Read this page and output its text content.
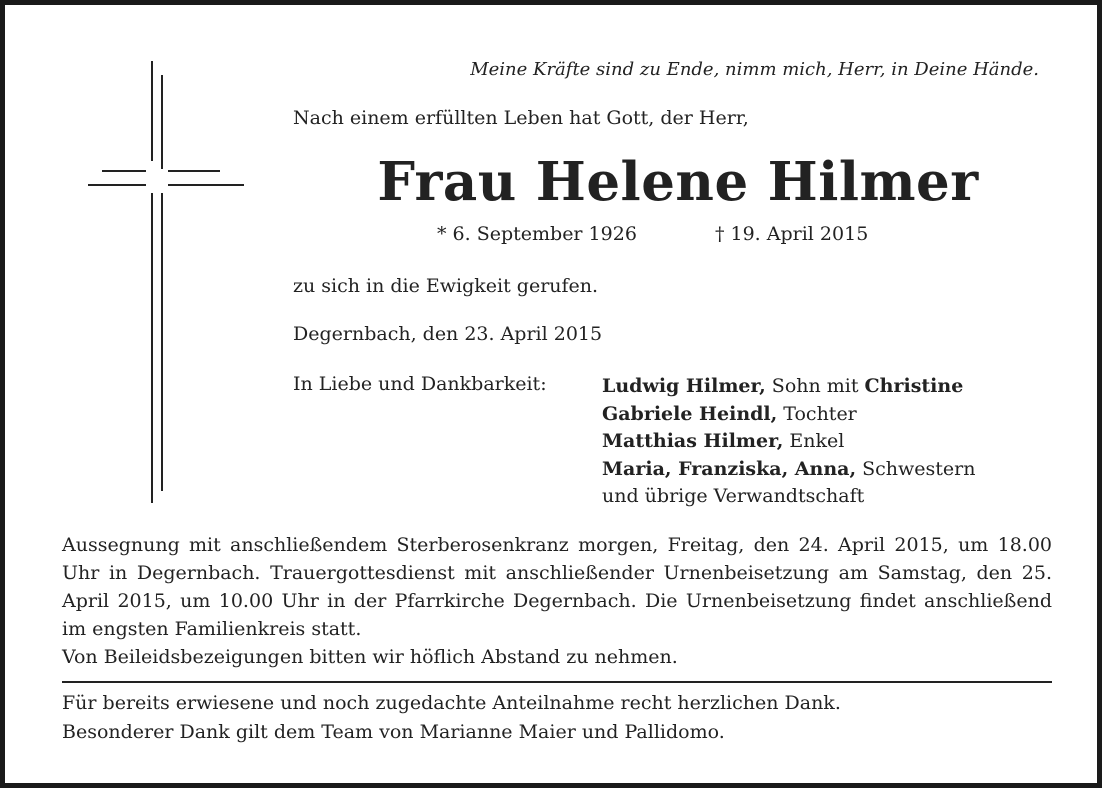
Meine Kräfte sind zu Ende, nimm mich, Herr, in Deine Hände.
Nach einem erfüllten Leben hat Gott, der Herr,
Frau Helene Hilmer
* 6. September 1926	† 19. April 2015
zu sich in die Ewigkeit gerufen.
Degernbach, den 23. April 2015
In Liebe und Dankbarkeit:	Ludwig Hilmer, Sohn mit Christine
Gabriele Heindl, Tochter
Matthias Hilmer, Enkel
Maria, Franziska, Anna, Schwestern
und übrige Verwandtschaft

Aussegnung mit anschließendem Sterberosenkranz morgen, Freitag, den 24. April 2015, um 18.00 Uhr in Degernbach. Trauergottesdienst mit anschließender Urnenbeisetzung am Samstag, den 25. April 2015, um 10.00 Uhr in der Pfarrkirche Degernbach. Die Urnenbeisetzung findet anschließend im engsten Familienkreis statt.

Von Beileidsbezeigungen bitten wir höflich Abstand zu nehmen.

Für bereits erwiesene und noch zugedachte Anteilnahme recht herzlichen Dank.

Besonderer Dank gilt dem Team von Marianne Maier und Pallidomo.
